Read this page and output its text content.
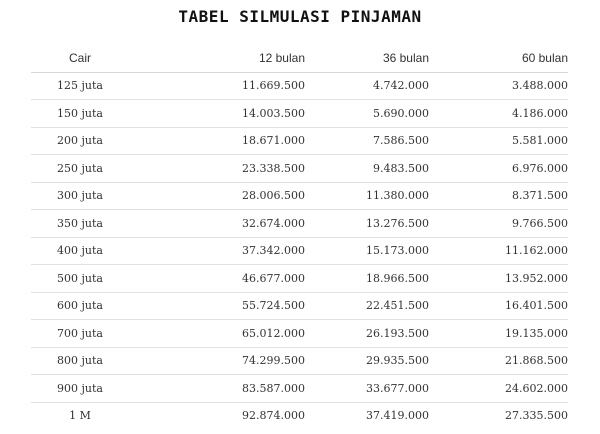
TABEL SILMULASI PINJAMAN
Cair	12 bulan	36 bulan	60 bulan
125 juta	11.669.500	4.742.000	3.488.000
150 juta	14.003.500	5.690.000	4.186.000
200 juta	18.671.000	7.586.500	5.581.000
250 juta	23.338.500	9.483.500	6.976.000
300 juta	28.006.500	11.380.000	8.371.500
350 juta	32.674.000	13.276.500	9.766.500
400 juta	37.342.000	15.173.000	11.162.000
500 juta	46.677.000	18.966.500	13.952.000
600 juta	55.724.500	22.451.500	16.401.500
700 juta	65.012.000	26.193.500	19.135.000
800 juta	74.299.500	29.935.500	21.868.500
900 juta	83.587.000	33.677.000	24.602.000
1 M	92.874.000	37.419.000	27.335.500
